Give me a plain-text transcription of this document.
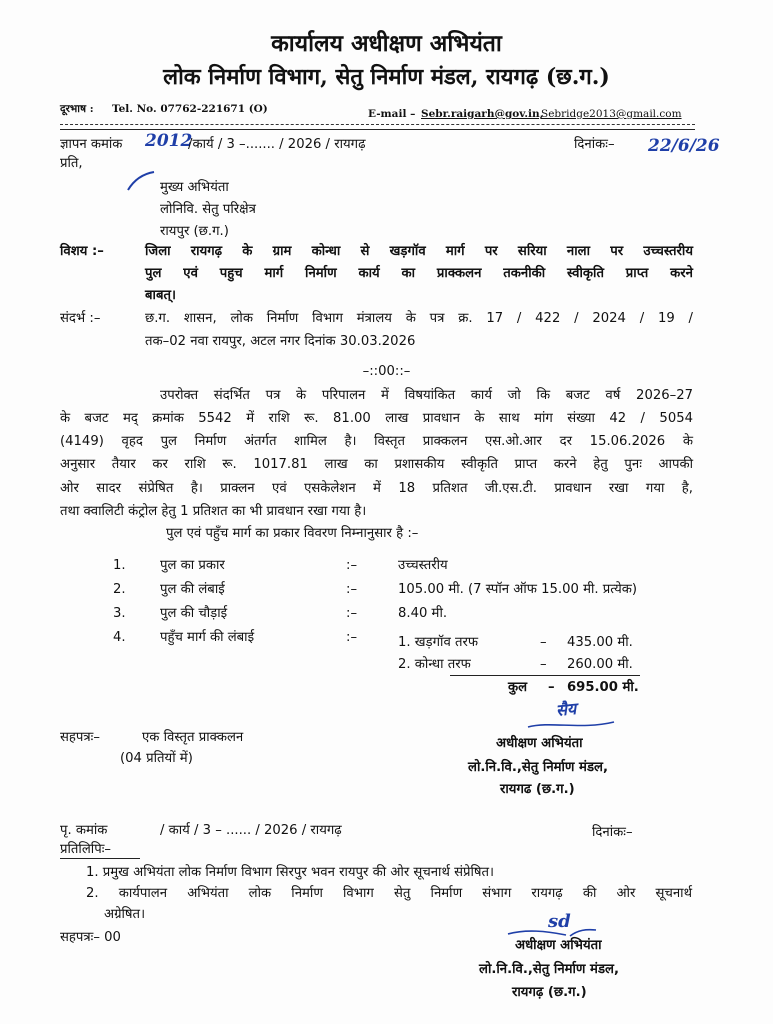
कार्यालय अधीक्षण अभियंता
लोक निर्माण विभाग, सेतु निर्माण मंडल, रायगढ़ (छ.ग.)
दूरभाष : Tel. No. 07762-221671 (O)	E-mail – Sebr.raigarh@gov.in,
Sebridge2013@gmail.com
ज्ञापन कमांक 2012
/कार्य / 3 –....... / 2026 / रायगढ़	दिनांकः– 22/6/26
प्रति,
मुख्य अभियंता
लोनिवि. सेतु परिक्षेत्र
रायपुर (छ.ग.)
विशय :–	जिला रायगढ़ के ग्राम कोन्धा से खड़गॉव मार्ग पर सरिया नाला पर उच्चस्तरीय
पुल एवं पहुच मार्ग निर्माण कार्य का प्राक्कलन तकनीकी स्वीकृति प्राप्त करने
बाबत्।
संदर्भ :–	छ.ग. शासन, लोक निर्माण विभाग मंत्रालय के पत्र क्र. 17 / 422 / 2024 / 19 /
तक–02 नवा रायपुर, अटल नगर दिनांक 30.03.2026
–::00::–
उपरोक्त संदर्भित पत्र के परिपालन में विषयांकित कार्य जो कि बजट वर्ष 2026–27
के बजट मद् क्रमांक 5542 में राशि रू. 81.00 लाख प्रावधान के साथ मांग संख्या 42 / 5054
(4149) वृहद पुल निर्माण अंतर्गत शामिल है। विस्तृत प्राक्कलन एस.ओ.आर दर 15.06.2026 के
अनुसार तैयार कर राशि रू. 1017.81 लाख का प्रशासकीय स्वीकृति प्राप्त करने हेतु पुनः आपकी
ओर सादर संप्रेषित है। प्राक्लन एवं एसकेलेशन में 18 प्रतिशत जी.एस.टी. प्रावधान रखा गया है,
तथा क्वालिटी कंट्रोल हेतु 1 प्रतिशत का भी प्रावधान रखा गया है।
पुल एवं पहुँच मार्ग का प्रकार विवरण निम्नानुसार है :–
1.	पुल का प्रकार	:–	उच्चस्तरीय
2.	पुल की लंबाई	:–	105.00 मी. (7 स्पॉन ऑफ 15.00 मी. प्रत्येक)
3.	पुल की चौड़ाई	:–	8.40 मी.
4.	पहुँच मार्ग की लंबाई	:–	1. खड़गॉव तरफ	– 435.00 मी.
2. कोन्धा तरफ	– 260.00 मी.
कुल – 695.00 मी.
सहपत्रः–	एक विस्तृत प्राक्कलन
(04 प्रतियों में)
सैय
अधीक्षण अभियंता
लो.नि.वि.,सेतु निर्माण मंडल,
रायगढ (छ.ग.)
पृ. कमांक	/ कार्य / 3 – ...... / 2026 / रायगढ़	दिनांकः–
प्रतिलिपिः–
1. प्रमुख अभियंता लोक निर्माण विभाग सिरपुर भवन रायपुर की ओर सूचनार्थ संप्रेषित।
2. कार्यपालन अभियंता लोक निर्माण विभाग सेतु निर्माण संभाग रायगढ़ की ओर सूचनार्थ
अग्रेषित।
सहपत्रः– 00
sd
अधीक्षण अभियंता
लो.नि.वि.,सेतु निर्माण मंडल,
रायगढ़ (छ.ग.)
